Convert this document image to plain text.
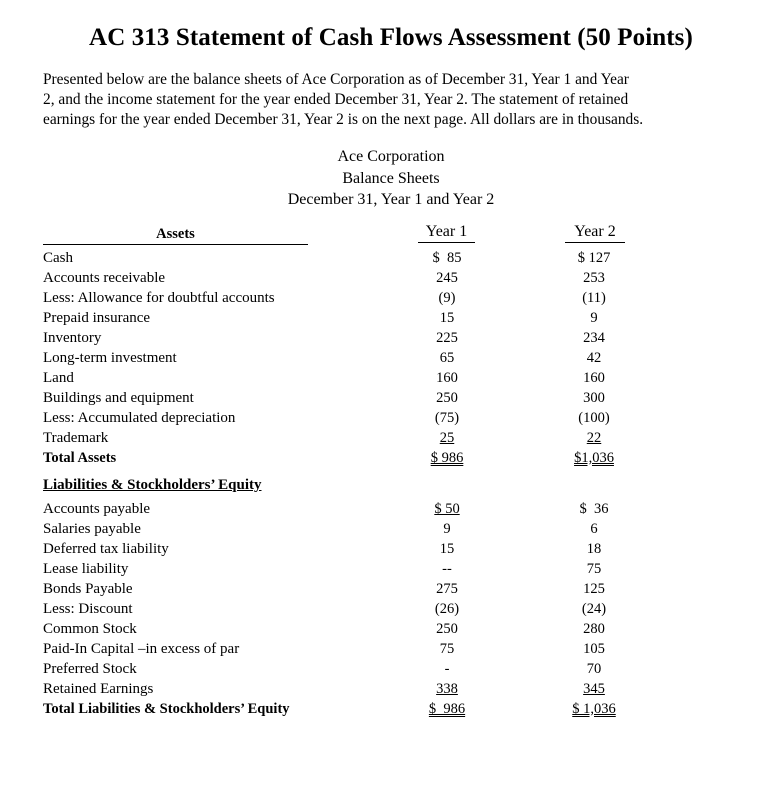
AC 313 Statement of Cash Flows Assessment (50 Points)
Presented below are the balance sheets of Ace Corporation as of December 31, Year 1 and Year
2, and the income statement for the year ended December 31, Year 2. The statement of retained
earnings for the year ended December 31, Year 2 is on the next page. All dollars are in thousands.
Ace Corporation
Balance Sheets
December 31, Year 1 and Year 2
Assets	Year 1	Year 2
Cash	$  85	$ 127
Accounts receivable	245	253
Less: Allowance for doubtful accounts	(9)	(11)
Prepaid insurance	15	9
Inventory	225	234
Long-term investment	65	42
Land	160	160
Buildings and equipment	250	300
Less: Accumulated depreciation	(75)	(100)
Trademark	25	22
Total Assets	$ 986	$1,036
Liabilities & Stockholders’ Equity
Accounts payable	$ 50	$  36
Salaries payable	9	6
Deferred tax liability	15	18
Lease liability	--	75
Bonds Payable	275	125
Less: Discount	(26)	(24)
Common Stock	250	280
Paid-In Capital –in excess of par	75	105
Preferred Stock	-	70
Retained Earnings	338	345
Total Liabilities & Stockholders’ Equity	$  986	$ 1,036
